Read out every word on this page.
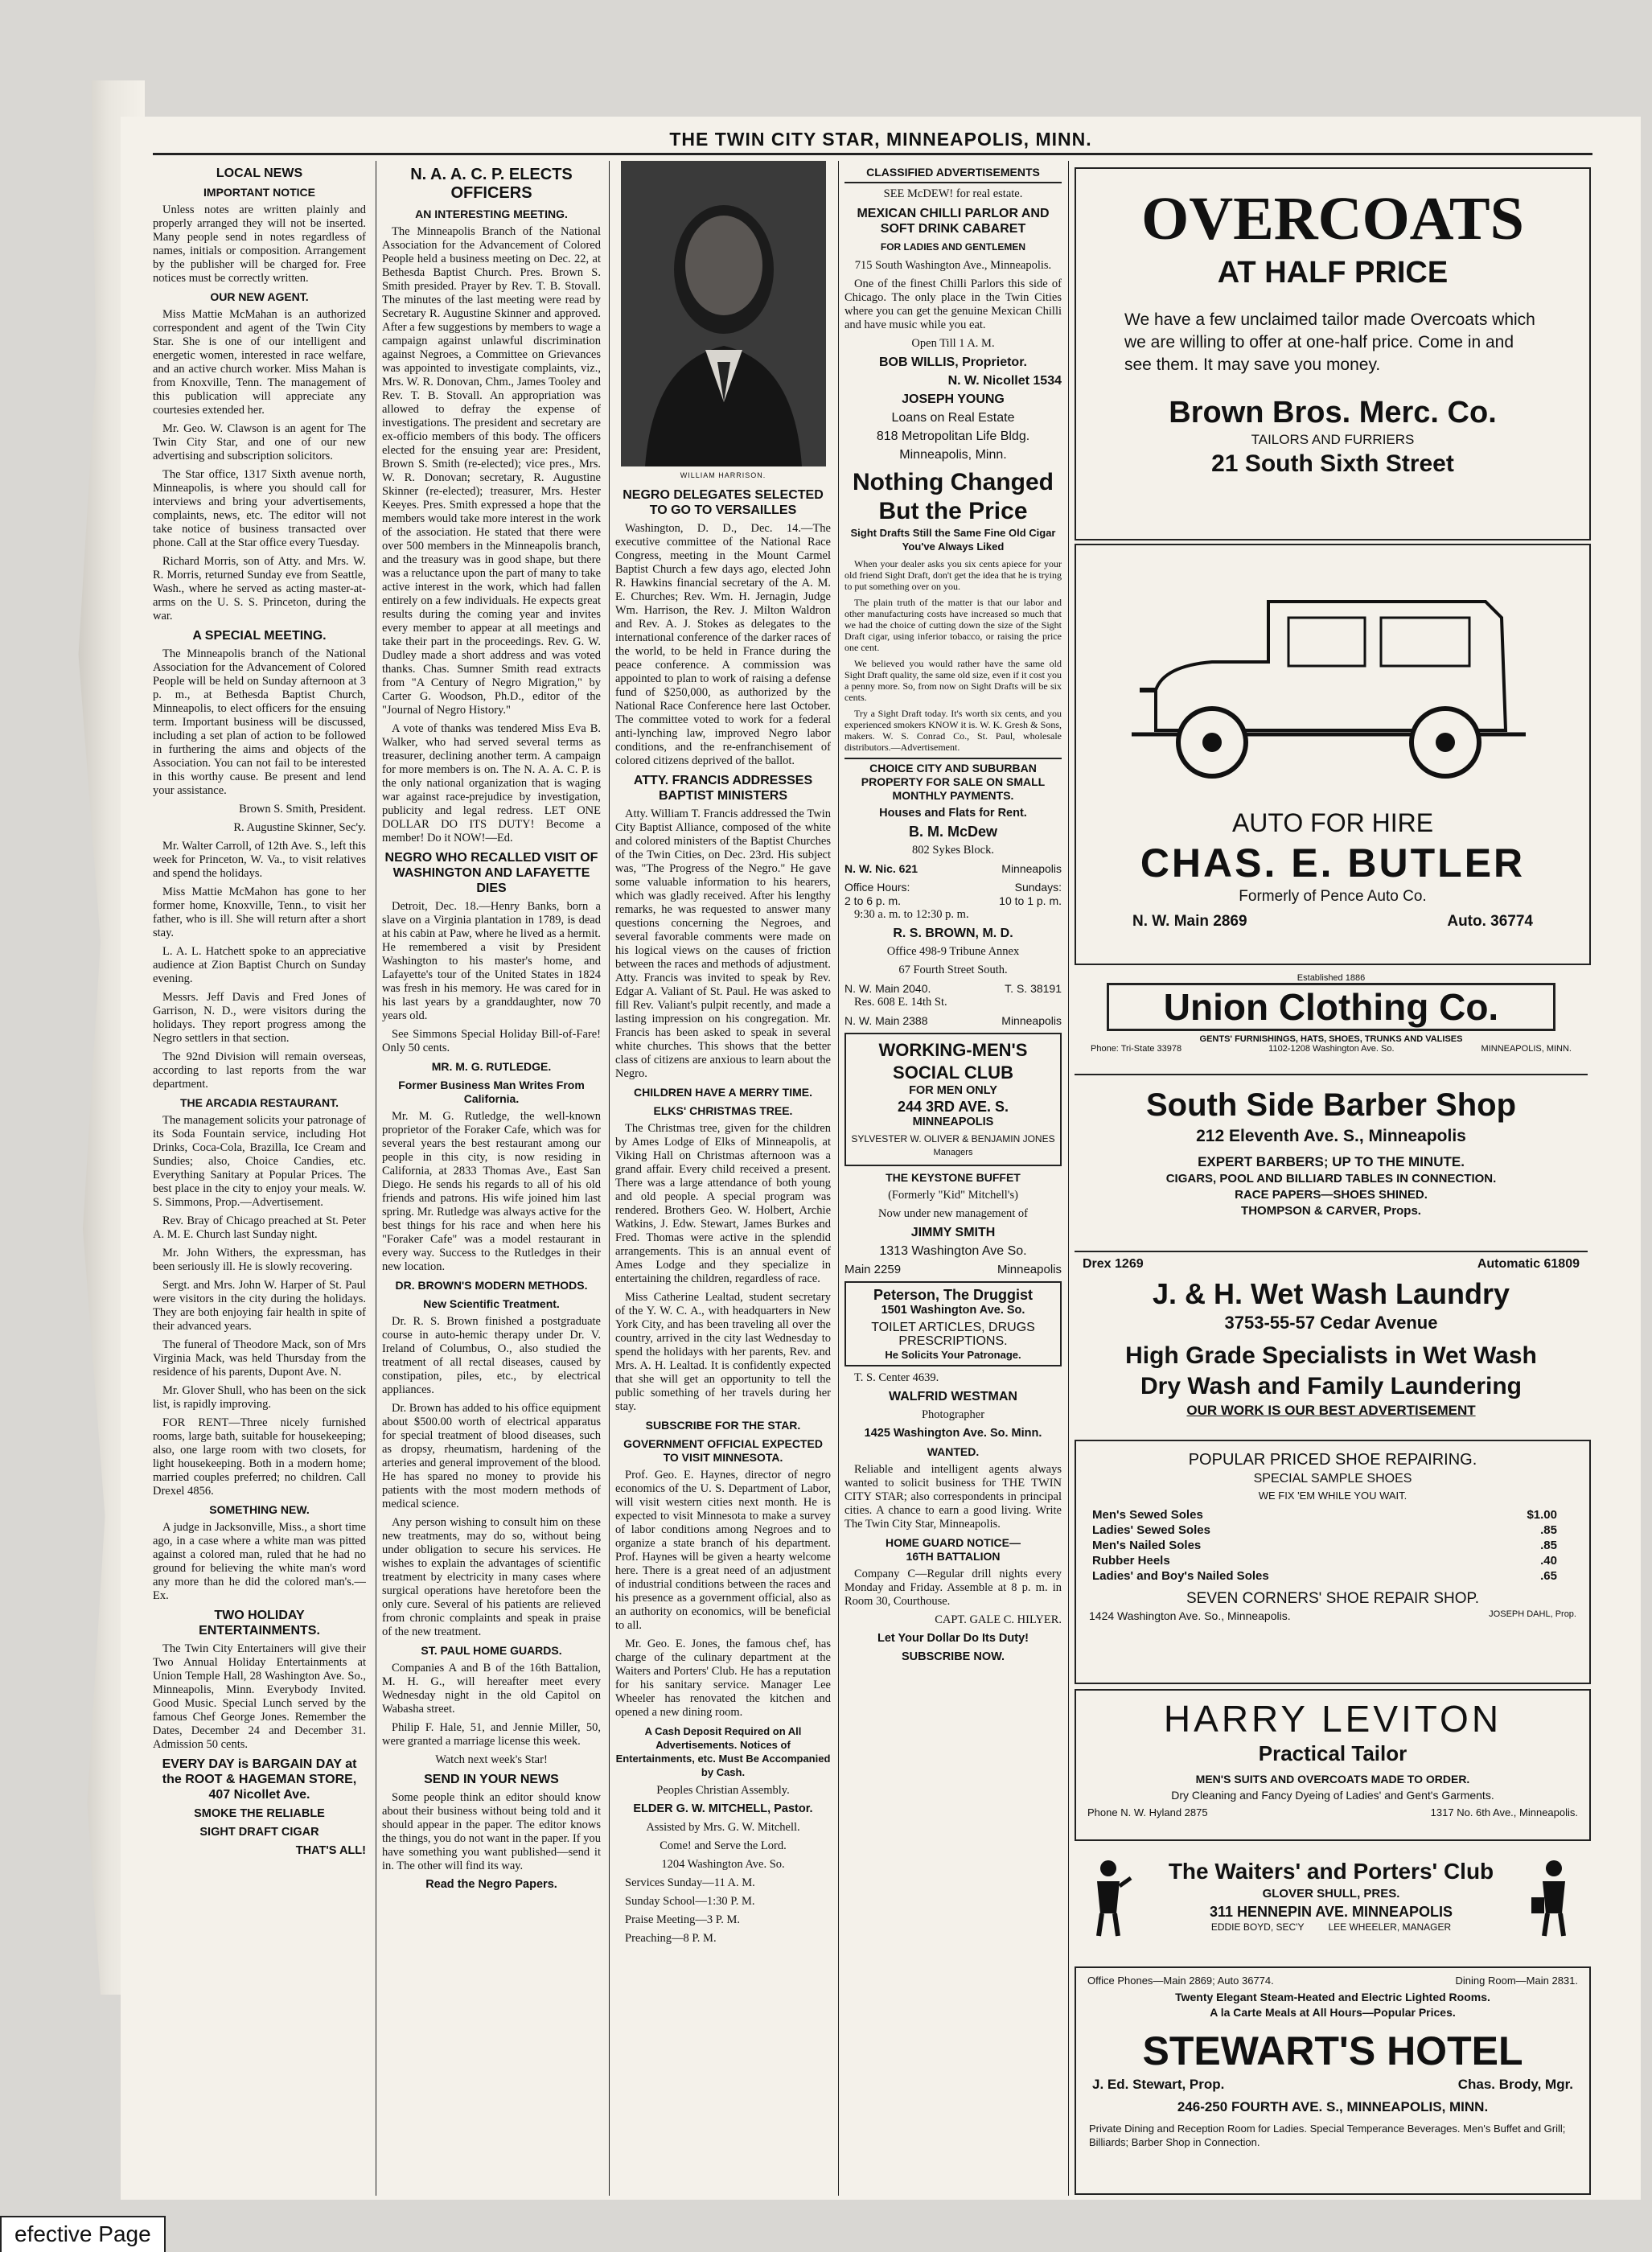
THE TWIN CITY STAR, MINNEAPOLIS, MINN.
LOCAL NEWS
IMPORTANT NOTICE

Unless notes are written plainly and properly arranged they will not be inserted. Many people send in notes regardless of names, initials or composition. Arrangement by the publisher will be charged for. Free notices must be correctly written.

OUR NEW AGENT.

Miss Mattie McMahan is an authorized correspondent and agent of the Twin City Star. She is one of our intelligent and energetic women, interested in race welfare, and an active church worker. Miss Mahan is from Knoxville, Tenn. The management of this publication will appreciate any courtesies extended her.

Mr. Geo. W. Clawson is an agent for The Twin City Star, and one of our new advertising and subscription solicitors.

The Star office, 1317 Sixth avenue north, Minneapolis, is where you should call for interviews and bring your advertisements, complaints, news, etc. The editor will not take notice of business transacted over phone. Call at the Star office every Tuesday.

Richard Morris, son of Atty. and Mrs. W. R. Morris, returned Sunday eve from Seattle, Wash., where he served as acting master-at-arms on the U. S. S. Princeton, during the war.

A SPECIAL MEETING.

The Minneapolis branch of the National Association for the Advancement of Colored People will be held on Sunday afternoon at 3 p. m., at Bethesda Baptist Church, Minneapolis, to elect officers for the ensuing term. Important business will be discussed, including a set plan of action to be followed in furthering the aims and objects of the Association. You can not fail to be interested in this worthy cause. Be present and lend your assistance.

Brown S. Smith, President.

R. Augustine Skinner, Sec'y.

Mr. Walter Carroll, of 12th Ave. S., left this week for Princeton, W. Va., to visit relatives and spend the holidays.

Miss Mattie McMahon has gone to her former home, Knoxville, Tenn., to visit her father, who is ill. She will return after a short stay.

L. A. L. Hatchett spoke to an appreciative audience at Zion Baptist Church on Sunday evening.

Messrs. Jeff Davis and Fred Jones of Garrison, N. D., were visitors during the holidays. They report progress among the Negro settlers in that section.

The 92nd Division will remain overseas, according to last reports from the war department.

THE ARCADIA RESTAURANT.

The management solicits your patronage of its Soda Fountain service, including Hot Drinks, Coca-Cola, Brazilla, Ice Cream and Sundies; also, Choice Candies, etc. Everything Sanitary at Popular Prices. The best place in the city to enjoy your meals. W. S. Simmons, Prop.—Advertisement.

Rev. Bray of Chicago preached at St. Peter A. M. E. Church last Sunday night.

Mr. John Withers, the expressman, has been seriously ill. He is slowly recovering.

Sergt. and Mrs. John W. Harper of St. Paul were visitors in the city during the holidays. They are both enjoying fair health in spite of their advanced years.

The funeral of Theodore Mack, son of Mrs Virginia Mack, was held Thursday from the residence of his parents, Dupont Ave. N.

Mr. Glover Shull, who has been on the sick list, is rapidly improving.

FOR RENT—Three nicely furnished rooms, large bath, suitable for housekeeping; also, one large room with two closets, for light housekeeping. Both in a modern home; married couples preferred; no children. Call Drexel 4856.

SOMETHING NEW.

A judge in Jacksonville, Miss., a short time ago, in a case where a white man was pitted against a colored man, ruled that he had no ground for believing the white man's word any more than he did the colored man's.—Ex.

TWO HOLIDAY ENTERTAINMENTS.

The Twin City Entertainers will give their Two Annual Holiday Entertainments at Union Temple Hall, 28 Washington Ave. So., Minneapolis, Minn. Everybody Invited. Good Music. Special Lunch served by the famous Chef George Jones. Remember the Dates, December 24 and December 31. Admission 50 cents.

EVERY DAY is BARGAIN DAY at the ROOT & HAGEMAN STORE, 407 Nicollet Ave.

SMOKE THE RELIABLE

SIGHT DRAFT CIGAR

THAT'S ALL!

N. A. A. C. P. ELECTS OFFICERS
AN INTERESTING MEETING.

The Minneapolis Branch of the National Association for the Advancement of Colored People held a business meeting on Dec. 22, at Bethesda Baptist Church. Pres. Brown S. Smith presided. Prayer by Rev. T. B. Stovall. The minutes of the last meeting were read by Secretary R. Augustine Skinner and approved. After a few suggestions by members to wage a campaign against unlawful discrimination against Negroes, a Committee on Grievances was appointed to investigate complaints, viz., Mrs. W. R. Donovan, Chm., James Tooley and Rev. T. B. Stovall. An appropriation was allowed to defray the expense of investigations. The president and secretary are ex-officio members of this body. The officers elected for the ensuing year are: President, Brown S. Smith (re-elected); vice pres., Mrs. W. R. Donovan; secretary, R. Augustine Skinner (re-elected); treasurer, Mrs. Hester Keeyes. Pres. Smith expressed a hope that the members would take more interest in the work of the association. He stated that there were over 500 members in the Minneapolis branch, and the treasury was in good shape, but there was a reluctance upon the part of many to take active interest in the work, which had fallen entirely on a few individuals. He expects great results during the coming year and invites every member to appear at all meetings and take their part in the proceedings. Rev. G. W. Dudley made a short address and was voted thanks. Chas. Sumner Smith read extracts from "A Century of Negro Migration," by Carter G. Woodson, Ph.D., editor of the "Journal of Negro History."

A vote of thanks was tendered Miss Eva B. Walker, who had served several terms as treasurer, declining another term. A campaign for more members is on. The N. A. A. C. P. is the only national organization that is waging war against race-prejudice by investigation, publicity and legal redress. LET ONE DOLLAR DO ITS DUTY! Become a member! Do it NOW!—Ed.

NEGRO WHO RECALLED VISIT OF WASHINGTON AND LAFAYETTE DIES

Detroit, Dec. 18.—Henry Banks, born a slave on a Virginia plantation in 1789, is dead at his cabin at Paw, where he lived as a hermit. He remembered a visit by President Washington to his master's home, and Lafayette's tour of the United States in 1824 was fresh in his memory. He was cared for in his last years by a granddaughter, now 70 years old.

See Simmons Special Holiday Bill-of-Fare! Only 50 cents.

MR. M. G. RUTLEDGE.
Former Business Man Writes From California.

Mr. M. G. Rutledge, the well-known proprietor of the Foraker Cafe, which was for several years the best restaurant among our people in this city, is now residing in California, at 2833 Thomas Ave., East San Diego. He sends his regards to all of his old friends and patrons. His wife joined him last spring. Mr. Rutledge was always active for the best things for his race and when here his "Foraker Cafe" was a model restaurant in every way. Success to the Rutledges in their new location.

DR. BROWN'S MODERN METHODS.
New Scientific Treatment.

Dr. R. S. Brown finished a postgraduate course in auto-hemic therapy under Dr. V. Ireland of Columbus, O., also studied the treatment of all rectal diseases, caused by constipation, piles, etc., by electrical appliances.

Dr. Brown has added to his office equipment about $500.00 worth of electrical apparatus for special treatment of blood diseases, such as dropsy, rheumatism, hardening of the arteries and general improvement of the blood. He has spared no money to provide his patients with the most modern methods of medical science.

Any person wishing to consult him on these new treatments, may do so, without being under obligation to secure his services. He wishes to explain the advantages of scientific treatment by electricity in many cases where surgical operations have heretofore been the only cure. Several of his patients are relieved from chronic complaints and speak in praise of the new treatment.

ST. PAUL HOME GUARDS.

Companies A and B of the 16th Battalion, M. H. G., will hereafter meet every Wednesday night in the old Capitol on Wabasha street.

Philip F. Hale, 51, and Jennie Miller, 50, were granted a marriage license this week.

Watch next week's Star!

SEND IN YOUR NEWS

Some people think an editor should know about their business without being told and it should appear in the paper. The editor knows the things, you do not want in the paper. If you have something you want published—send it in. The other will find its way.

Read the Negro Papers.

WILLIAM HARRISON.
NEGRO DELEGATES SELECTED TO GO TO VERSAILLES

Washington, D. D., Dec. 14.—The executive committee of the National Race Congress, meeting in the Mount Carmel Baptist Church a few days ago, elected John R. Hawkins financial secretary of the A. M. E. Churches; Rev. Wm. H. Jernagin, Judge Wm. Harrison, the Rev. J. Milton Waldron and Rev. A. J. Stokes as delegates to the international conference of the darker races of the world, to be held in France during the peace conference. A commission was appointed to plan to work of raising a defense fund of $250,000, as authorized by the National Race Conference here last October. The committee voted to work for a federal anti-lynching law, improved Negro labor conditions, and the re-enfranchisement of colored citizens deprived of the ballot.

ATTY. FRANCIS ADDRESSES BAPTIST MINISTERS

Atty. William T. Francis addressed the Twin City Baptist Alliance, composed of the white and colored ministers of the Baptist Churches of the Twin Cities, on Dec. 23rd. His subject was, "The Progress of the Negro." He gave some valuable information to his hearers, which was gladly received. After his lengthy remarks, he was requested to answer many questions concerning the Negroes, and several favorable comments were made on his logical views on the causes of friction between the races and methods of adjustment. Atty. Francis was invited to speak by Rev. Edgar A. Valiant of St. Paul. He was asked to fill Rev. Valiant's pulpit recently, and made a lasting impression on his congregation. Mr. Francis has been asked to speak in several white churches. This shows that the better class of citizens are anxious to learn about the Negro.

CHILDREN HAVE A MERRY TIME.
ELKS' CHRISTMAS TREE.

The Christmas tree, given for the children by Ames Lodge of Elks of Minneapolis, at Viking Hall on Christmas afternoon was a grand affair. Every child received a present. There was a large attendance of both young and old people. A special program was rendered. Brothers Geo. W. Holbert, Archie Watkins, J. Edw. Stewart, James Burkes and Fred. Thomas were active in the splendid arrangements. This is an annual event of Ames Lodge and they specialize in entertaining the children, regardless of race.

Miss Catherine Lealtad, student secretary of the Y. W. C. A., with headquarters in New York City, and has been traveling all over the country, arrived in the city last Wednesday to spend the holidays with her parents, Rev. and Mrs. A. H. Lealtad. It is confidently expected that she will get an opportunity to tell the public something of her travels during her stay.

SUBSCRIBE FOR THE STAR.
GOVERNMENT OFFICIAL EXPECTED TO VISIT MINNESOTA.

Prof. Geo. E. Haynes, director of negro economics of the U. S. Department of Labor, will visit western cities next month. He is expected to visit Minnesota to make a survey of labor conditions among Negroes and to organize a state branch of his department. Prof. Haynes will be given a hearty welcome here. There is a great need of an adjustment of industrial conditions between the races and his presence as a government official, also as an authority on economics, will be beneficial to all.

Mr. Geo. E. Jones, the famous chef, has charge of the culinary department at the Waiters and Porters' Club. He has a reputation for his sanitary service. Manager Lee Wheeler has renovated the kitchen and opened a new dining room.

A Cash Deposit Required on All Advertisements. Notices of Entertainments, etc. Must Be Accompanied by Cash.

Peoples Christian Assembly.

ELDER G. W. MITCHELL, Pastor.

Assisted by Mrs. G. W. Mitchell.

Come! and Serve the Lord.

1204 Washington Ave. So.

Services Sunday—11 A. M.

Sunday School—1:30 P. M.

Praise Meeting—3 P. M.

Preaching—8 P. M.

CLASSIFIED ADVERTISEMENTS

SEE McDEW! for real estate.

MEXICAN CHILLI PARLOR AND SOFT DRINK CABARET

FOR LADIES AND GENTLEMEN

715 South Washington Ave., Minneapolis.

One of the finest Chilli Parlors this side of Chicago. The only place in the Twin Cities where you can get the genuine Mexican Chilli and have music while you eat.

Open Till 1 A. M.

BOB WILLIS, Proprietor.

N. W. Nicollet 1534

JOSEPH YOUNG

Loans on Real Estate

818 Metropolitan Life Bldg.

Minneapolis, Minn.

Nothing Changed
But the Price

Sight Drafts Still the Same Fine Old Cigar You've Always Liked

When your dealer asks you six cents apiece for your old friend Sight Draft, don't get the idea that he is trying to put something over on you.

The plain truth of the matter is that our labor and other manufacturing costs have increased so much that we had the choice of cutting down the size of the Sight Draft cigar, using inferior tobacco, or raising the price one cent.

We believed you would rather have the same old Sight Draft quality, the same old size, even if it cost you a penny more. So, from now on Sight Drafts will be six cents.

Try a Sight Draft today. It's worth six cents, and you experienced smokers KNOW it is. W. K. Gresh & Sons, makers. W. S. Conrad Co., St. Paul, wholesale distributors.—Advertisement.

CHOICE CITY AND SUBURBAN PROPERTY FOR SALE ON SMALL MONTHLY PAYMENTS.

Houses and Flats for Rent.

B. M. McDew

802 Sykes Block.

N. W. Nic. 621	Minneapolis
Office Hours:	Sundays:
2 to 6 p. m.	10 to 1 p. m.

9:30 a. m. to 12:30 p. m.

R. S. BROWN, M. D.

Office 498-9 Tribune Annex

67 Fourth Street South.

N. W. Main 2040.	T. S. 38191

Res. 608 E. 14th St.

N. W. Main 2388	Minneapolis
WORKING-MEN'S
SOCIAL CLUB
FOR MEN ONLY
244 3RD AVE. S.
MINNEAPOLIS
SYLVESTER W. OLIVER & BENJAMIN JONES
Managers
THE KEYSTONE BUFFET

(Formerly "Kid" Mitchell's)

Now under new management of

JIMMY SMITH

1313 Washington Ave So.

Main 2259	Minneapolis
Peterson, The Druggist
1501 Washington Ave. So.
TOILET ARTICLES, DRUGS
PRESCRIPTIONS.
He Solicits Your Patronage.

T. S. Center 4639.

WALFRID WESTMAN

Photographer

1425 Washington Ave. So. Minn.

WANTED.

Reliable and intelligent agents always wanted to solicit business for THE TWIN CITY STAR; also correspondents in principal cities. A chance to earn a good living. Write The Twin City Star, Minneapolis.

HOME GUARD NOTICE—
16TH BATTALION

Company C—Regular drill nights every Monday and Friday. Assemble at 8 p. m. in Room 30, Courthouse.

CAPT. GALE C. HILYER.

Let Your Dollar Do Its Duty!

SUBSCRIBE NOW.

OVERCOATS
AT HALF PRICE
We have a few unclaimed tailor made Overcoats which we are willing to offer at one-half price. Come in and see them. It may save you money.
Brown Bros. Merc. Co.
TAILORS AND FURRIERS
21 South Sixth Street
AUTO FOR HIRE
CHAS. E. BUTLER
Formerly of Pence Auto Co.
N. W. Main 2869	Auto. 36774
Established 1886
Union Clothing Co.
GENTS' FURNISHINGS, HATS, SHOES, TRUNKS AND VALISES
Phone: Tri-State 33978	1102-1208 Washington Ave. So.	MINNEAPOLIS, MINN.
South Side Barber Shop
212 Eleventh Ave. S., Minneapolis
EXPERT BARBERS; UP TO THE MINUTE.
CIGARS, POOL AND BILLIARD TABLES IN CONNECTION.
RACE PAPERS—SHOES SHINED.
THOMPSON & CARVER, Props.
Drex 1269	Automatic 61809
J. & H. Wet Wash Laundry
3753-55-57 Cedar Avenue
High Grade Specialists in Wet Wash
Dry Wash and Family Laundering
OUR WORK IS OUR BEST ADVERTISEMENT
POPULAR PRICED SHOE REPAIRING.
SPECIAL SAMPLE SHOES
WE FIX 'EM WHILE YOU WAIT.
Men's Sewed Soles	$1.00
Ladies' Sewed Soles	.85
Men's Nailed Soles	.85
Rubber Heels	.40
Ladies' and Boy's Nailed Soles	.65
SEVEN CORNERS' SHOE REPAIR SHOP.
1424 Washington Ave. So., Minneapolis.	JOSEPH DAHL, Prop.
HARRY LEVITON
Practical Tailor
MEN'S SUITS AND OVERCOATS MADE TO ORDER.
Dry Cleaning and Fancy Dyeing of Ladies' and Gent's Garments.
Phone N. W. Hyland 2875	1317 No. 6th Ave., Minneapolis.
The Waiters' and Porters' Club
GLOVER SHULL, PRES.
311 HENNEPIN AVE. MINNEAPOLIS
EDDIE BOYD, SEC'Y	LEE WHEELER, MANAGER
Office Phones—Main 2869; Auto 36774.	Dining Room—Main 2831.
Twenty Elegant Steam-Heated and Electric Lighted Rooms.
A la Carte Meals at All Hours—Popular Prices.
STEWART'S HOTEL
J. Ed. Stewart, Prop.	Chas. Brody, Mgr.
246-250 FOURTH AVE. S., MINNEAPOLIS, MINN.
Private Dining and Reception Room for Ladies. Special Temperance Beverages. Men's Buffet and Grill; Billiards; Barber Shop in Connection.
efective Page
